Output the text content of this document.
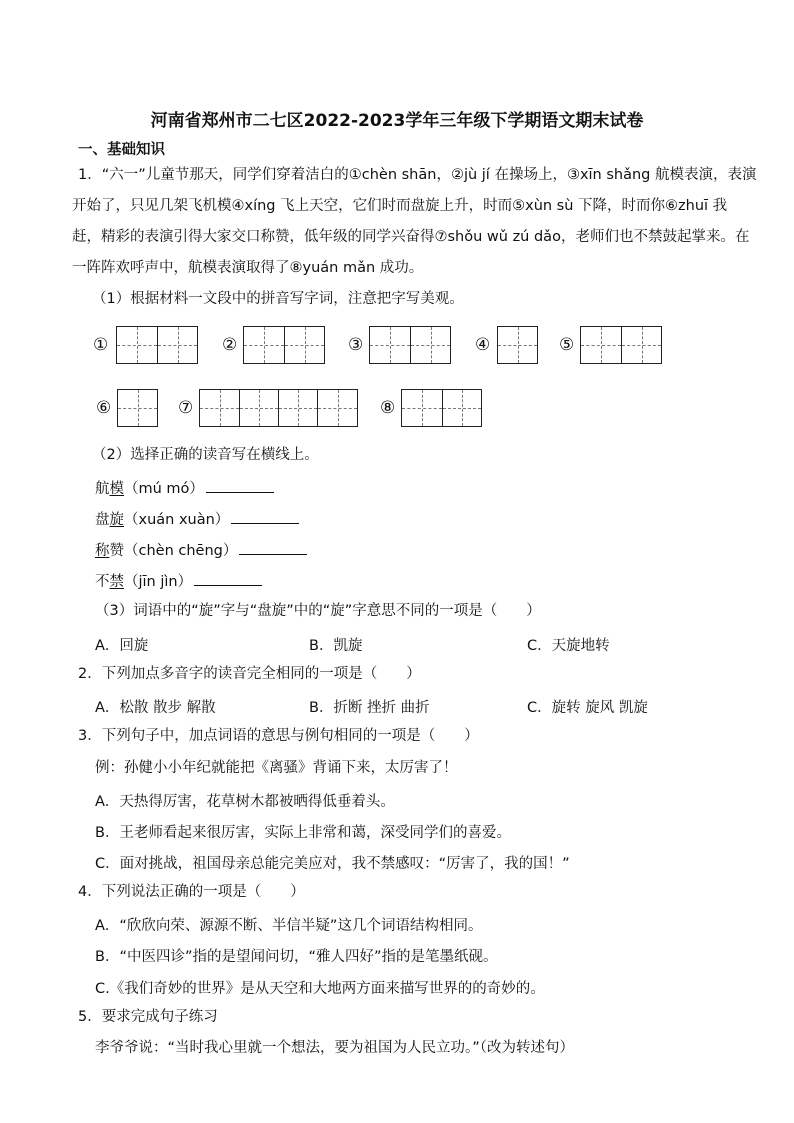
河南省郑州市二七区2022-2023学年三年级下学期语文期末试卷
一、基础知识
1．“六一”儿童节那天，同学们穿着洁白的①chèn shān，②jù jí 在操场上，③xīn shǎng 航模表演，表演
开始了，只见几架飞机模④xíng 飞上天空，它们时而盘旋上升，时而⑤xùn sù 下降，时而你⑥zhuī 我
赶，精彩的表演引得大家交口称赞，低年级的同学兴奋得⑦shǒu wǔ zú dǎo，老师们也不禁鼓起掌来。在
一阵阵欢呼声中，航模表演取得了⑧yuán mǎn 成功。
（1）根据材料一文段中的拼音写字词，注意把字写美观。
①	②	③	④	⑤
⑥	⑦	⑧
（2）选择正确的读音写在横线上。
航模（mú mó）
盘旋（xuán xuàn）
称赞（chèn chēng）
不禁（jīn jìn）
（3）词语中的“旋”字与“盘旋”中的“旋”字意思不同的一项是（　　）
A．回旋	B．凯旋	C．天旋地转
2．下列加点多音字的读音完全相同的一项是（　　）
A．松散 散步 解散	B．折断 挫折 曲折	C．旋转 旋风 凯旋
3．下列句子中，加点词语的意思与例句相同的一项是（　　）
例：孙健小小年纪就能把《离骚》背诵下来，太厉害了！
A．天热得厉害，花草树木都被晒得低垂着头。
B．王老师看起来很厉害，实际上非常和蔼，深受同学们的喜爱。
C．面对挑战，祖国母亲总能完美应对，我不禁感叹：“厉害了，我的国！”
4．下列说法正确的一项是（　　）
A．“欣欣向荣、源源不断、半信半疑”这几个词语结构相同。
B．“中医四诊”指的是望闻问切，“雅人四好”指的是笔墨纸砚。
C.《我们奇妙的世界》是从天空和大地两方面来描写世界的的奇妙的。
5．要求完成句子练习
李爷爷说：“当时我心里就一个想法，要为祖国为人民立功。”（改为转述句）
